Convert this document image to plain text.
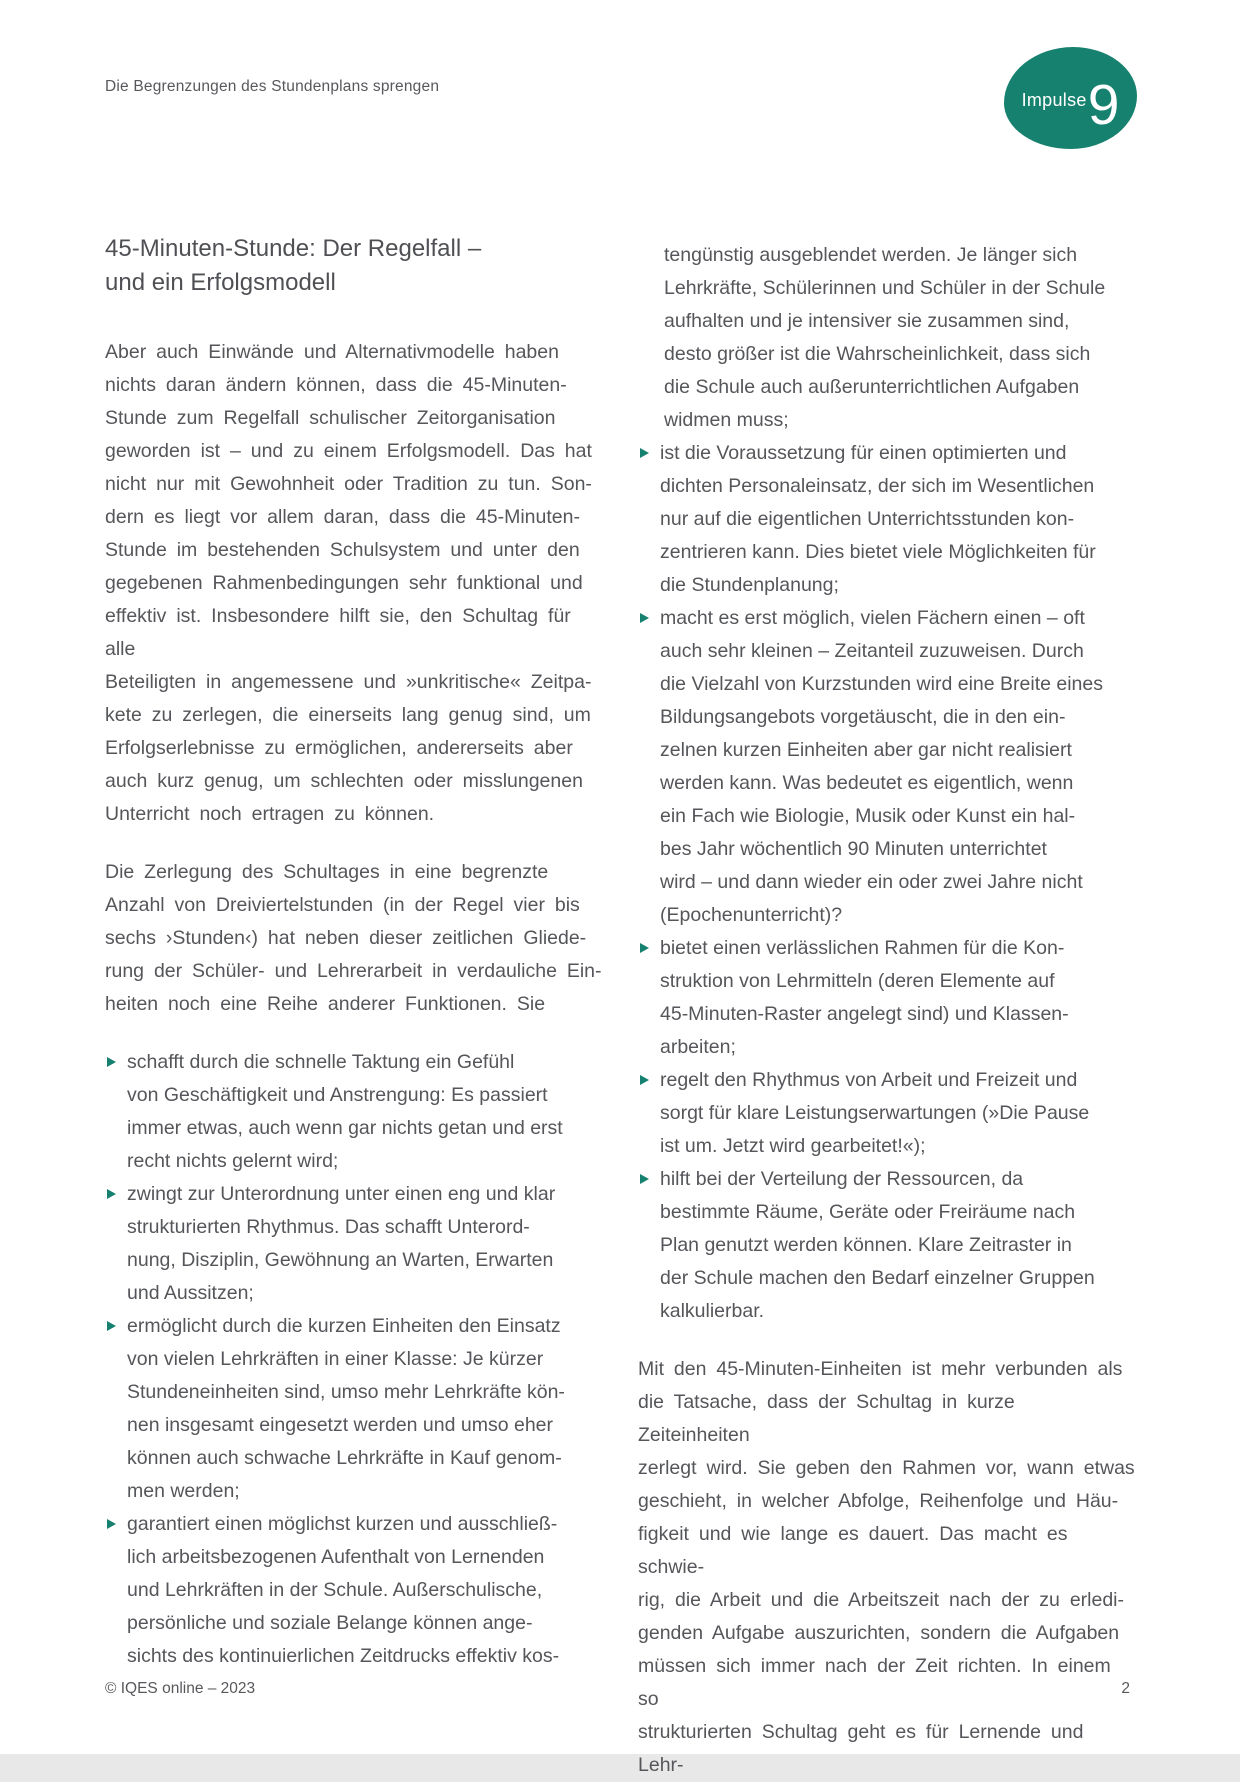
Die Begrenzungen des Stundenplans sprengen
Impulse 9
45-Minuten-Stunde: Der Regelfall –
und ein Erfolgsmodell

Aber auch Einwände und Alternativmodelle haben
nichts daran ändern können, dass die 45-Minuten-
Stunde zum Regelfall schulischer Zeitorganisation
geworden ist – und zu einem Erfolgsmodell. Das hat
nicht nur mit Gewohnheit oder Tradition zu tun. Son-
dern es liegt vor allem daran, dass die 45-Minuten-
Stunde im bestehenden Schulsystem und unter den
gegebenen Rahmenbedingungen sehr funktional und
effektiv ist. Insbesondere hilft sie, den Schultag für alle
Beteiligten in angemessene und »unkritische« Zeitpa-
kete zu zerlegen, die einerseits lang genug sind, um
Erfolgserlebnisse zu ermöglichen, andererseits aber
auch kurz genug, um schlechten oder misslungenen
Unterricht noch ertragen zu können.

Die Zerlegung des Schultages in eine begrenzte
Anzahl von Dreiviertelstunden (in der Regel vier bis
sechs ›Stunden‹) hat neben dieser zeitlichen Gliede-
rung der Schüler- und Lehrerarbeit in verdauliche Ein-
heiten noch eine Reihe anderer Funktionen. Sie

schafft durch die schnelle Taktung ein Gefühl
von Geschäftigkeit und Anstrengung: Es passiert
immer etwas, auch wenn gar nichts getan und erst
recht nichts gelernt wird;
zwingt zur Unterordnung unter einen eng und klar
strukturierten Rhythmus. Das schafft Unterord-
nung, Disziplin, Gewöhnung an Warten, Erwarten
und Aussitzen;
ermöglicht durch die kurzen Einheiten den Einsatz
von vielen Lehrkräften in einer Klasse: Je kürzer
Stundeneinheiten sind, umso mehr Lehrkräfte kön-
nen insgesamt eingesetzt werden und umso eher
können auch schwache Lehrkräfte in Kauf genom-
men werden;
garantiert einen möglichst kurzen und ausschließ-
lich arbeitsbezogenen Aufenthalt von Lernenden
und Lehrkräften in der Schule. Außerschulische,
persönliche und soziale Belange können ange-
sichts des kontinuierlichen Zeitdrucks effektiv kos-
tengünstig ausgeblendet werden. Je länger sich
Lehrkräfte, Schülerinnen und Schüler in der Schule
aufhalten und je intensiver sie zusammen sind,
desto größer ist die Wahrscheinlichkeit, dass sich
die Schule auch außerunterrichtlichen Aufgaben
widmen muss;
ist die Voraussetzung für einen optimierten und
dichten Personaleinsatz, der sich im Wesentlichen
nur auf die eigentlichen Unterrichtsstunden kon-
zentrieren kann. Dies bietet viele Möglichkeiten für
die Stundenplanung;
macht es erst möglich, vielen Fächern einen – oft
auch sehr kleinen – Zeitanteil zuzuweisen. Durch
die Vielzahl von Kurzstunden wird eine Breite eines
Bildungsangebots vorgetäuscht, die in den ein-
zelnen kurzen Einheiten aber gar nicht realisiert
werden kann. Was bedeutet es eigentlich, wenn
ein Fach wie Biologie, Musik oder Kunst ein hal-
bes Jahr wöchentlich 90 Minuten unterrichtet
wird – und dann wieder ein oder zwei Jahre nicht
(Epochenunterricht)?
bietet einen verlässlichen Rahmen für die Kon-
struktion von Lehrmitteln (deren Elemente auf
45-Minuten-Raster angelegt sind) und Klassen-
arbeiten;
regelt den Rhythmus von Arbeit und Freizeit und
sorgt für klare Leistungserwartungen (»Die Pause
ist um. Jetzt wird gearbeitet!«);
hilft bei der Verteilung der Ressourcen, da
bestimmte Räume, Geräte oder Freiräume nach
Plan genutzt werden können. Klare Zeitraster in
der Schule machen den Bedarf einzelner Gruppen
kalkulierbar.

Mit den 45-Minuten-Einheiten ist mehr verbunden als
die Tatsache, dass der Schultag in kurze Zeiteinheiten
zerlegt wird. Sie geben den Rahmen vor, wann etwas
geschieht, in welcher Abfolge, Reihenfolge und Häu-
figkeit und wie lange es dauert. Das macht es schwie-
rig, die Arbeit und die Arbeitszeit nach der zu erledi-
genden Aufgabe auszurichten, sondern die Aufgaben
müssen sich immer nach der Zeit richten. In einem so
strukturierten Schultag geht es für Lernende und Lehr-

© IQES online – 2023	2
